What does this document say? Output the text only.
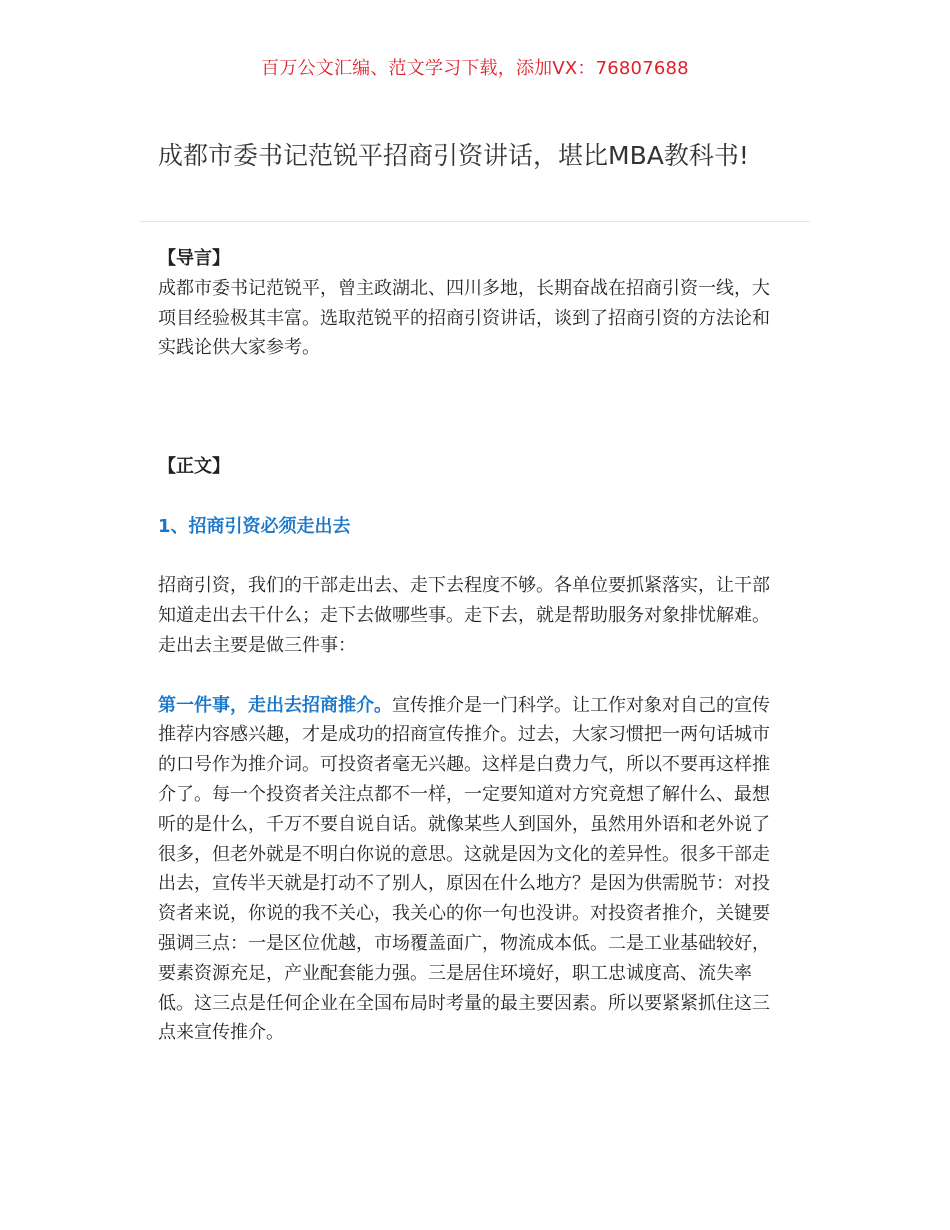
百万公文汇编、范文学习下载，添加VX：76807688
成都市委书记范锐平招商引资讲话，堪比MBA教科书!

【导言】

成都市委书记范锐平，曾主政湖北、四川多地，长期奋战在招商引资一线，大项目经验极其丰富。选取范锐平的招商引资讲话，谈到了招商引资的方法论和实践论供大家参考。

【正文】

1、招商引资必须走出去

招商引资，我们的干部走出去、走下去程度不够。各单位要抓紧落实，让干部知道走出去干什么；走下去做哪些事。走下去，就是帮助服务对象排忧解难。走出去主要是做三件事：

第一件事，走出去招商推介。宣传推介是一门科学。让工作对象对自己的宣传推荐内容感兴趣，才是成功的招商宣传推介。过去，大家习惯把一两句话城市的口号作为推介词。可投资者毫无兴趣。这样是白费力气，所以不要再这样推介了。每一个投资者关注点都不一样，一定要知道对方究竟想了解什么、最想听的是什么，千万不要自说自话。就像某些人到国外，虽然用外语和老外说了很多，但老外就是不明白你说的意思。这就是因为文化的差异性。很多干部走出去，宣传半天就是打动不了别人，原因在什么地方？是因为供需脱节：对投资者来说，你说的我不关心，我关心的你一句也没讲。对投资者推介，关键要强调三点：一是区位优越，市场覆盖面广，物流成本低。二是工业基础较好，要素资源充足，产业配套能力强。三是居住环境好，职工忠诚度高、流失率低。这三点是任何企业在全国布局时考量的最主要因素。所以要紧紧抓住这三点来宣传推介。
